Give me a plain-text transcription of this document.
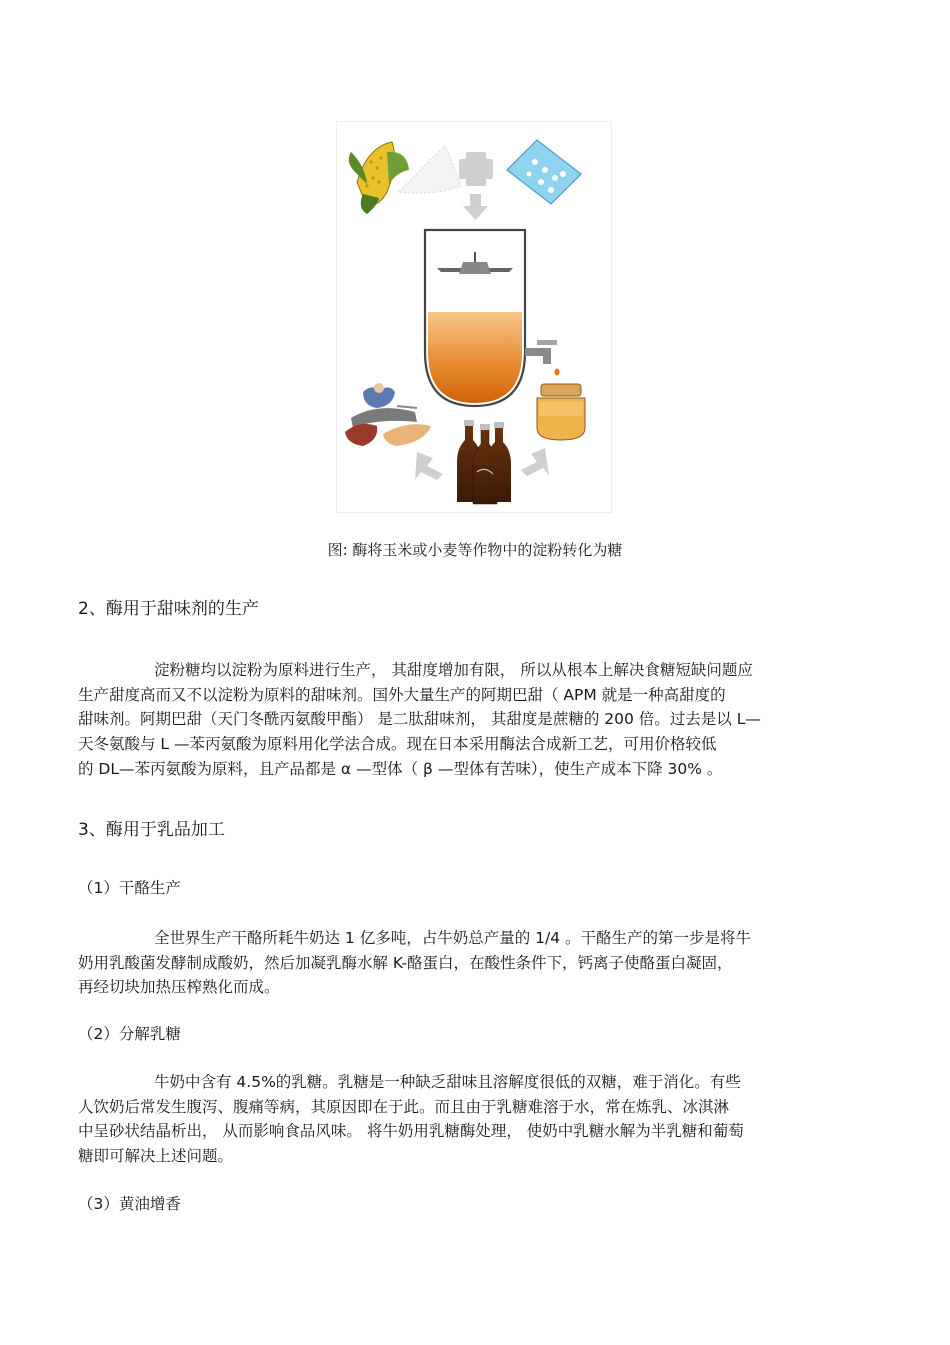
图: 酶将玉米或小麦等作物中的淀粉转化为糖
2、酶用于甜味剂的生产
淀粉糖均以淀粉为原料进行生产， 其甜度增加有限， 所以从根本上解决食糖短缺问题应
生产甜度高而又不以淀粉为原料的甜味剂。国外大量生产的阿期巴甜（ APM 就是一种高甜度的
甜味剂。阿期巴甜（天门冬酰丙氨酸甲酯） 是二肽甜味剂， 其甜度是蔗糖的 200 倍。过去是以 L—
天冬氨酸与 L —苯丙氨酸为原料用化学法合成。现在日本采用酶法合成新工艺，可用价格较低
的 DL—苯丙氨酸为原料，且产品都是 α —型体（ β —型体有苦味），使生产成本下降 30% 。
3、酶用于乳品加工
（1）干酪生产
全世界生产干酪所耗牛奶达 1 亿多吨，占牛奶总产量的 1/4 。干酪生产的第一步是将牛
奶用乳酸菌发酵制成酸奶，然后加凝乳酶水解 K-酪蛋白，在酸性条件下，钙离子使酪蛋白凝固，
再经切块加热压榨熟化而成。
（2）分解乳糖
牛奶中含有 4.5%的乳糖。乳糖是一种缺乏甜味且溶解度很低的双糖，难于消化。有些
人饮奶后常发生腹泻、腹痛等病，其原因即在于此。而且由于乳糖难溶于水，常在炼乳、冰淇淋
中呈砂状结晶析出， 从而影响食品风味。 将牛奶用乳糖酶处理， 使奶中乳糖水解为半乳糖和葡萄
糖即可解决上述问题。
（3）黄油增香
